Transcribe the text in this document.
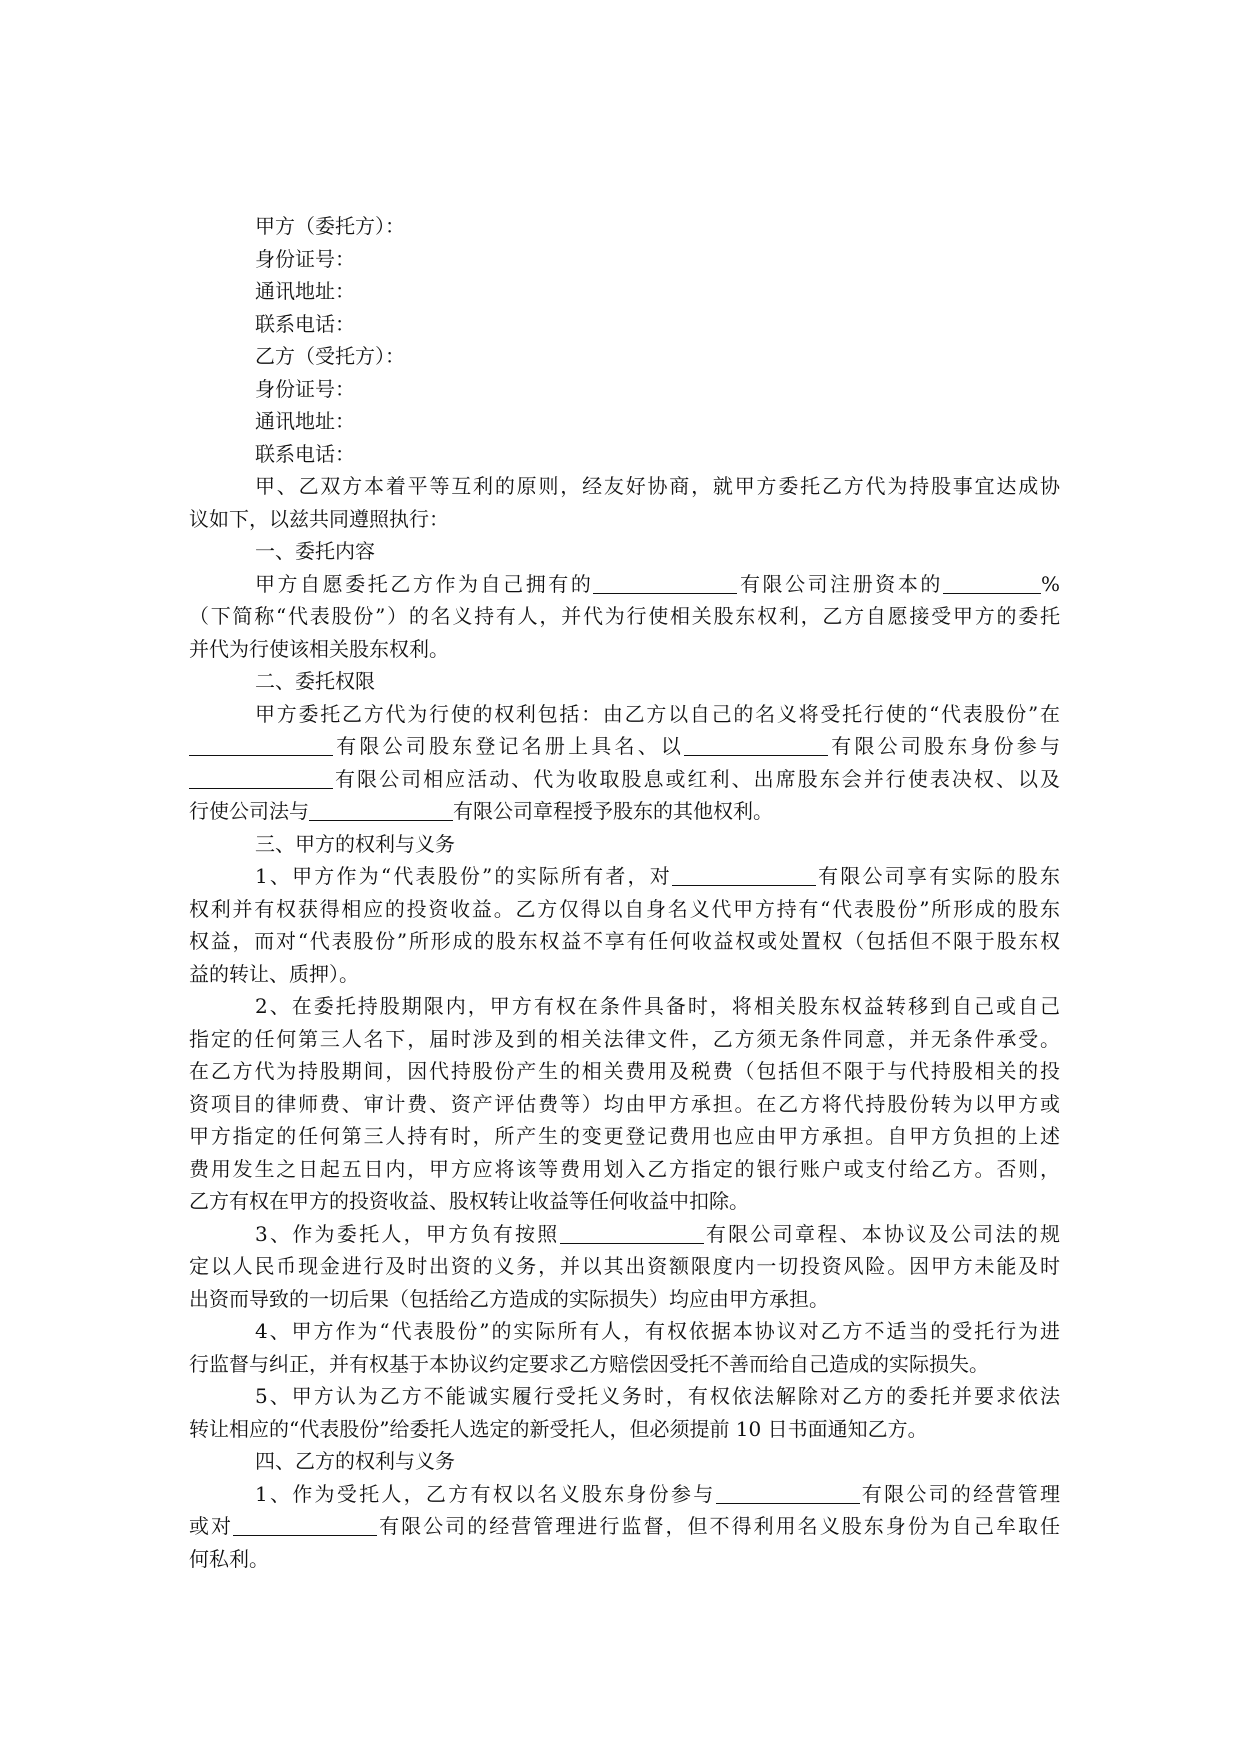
甲方（委托方）：
身份证号：
通讯地址：
联系电话：
乙方（受托方）：
身份证号：
通讯地址：
联系电话：
甲、乙双方本着平等互利的原则，经友好协商，就甲方委托乙方代为持股事宜达成协
议如下，以兹共同遵照执行：
一、委托内容
甲方自愿委托乙方作为自己拥有的	有限公司注册资本的	%
（下简称“代表股份”）的名义持有人，并代为行使相关股东权利，乙方自愿接受甲方的委托
并代为行使该相关股东权利。
二、委托权限
甲方委托乙方代为行使的权利包括：由乙方以自己的名义将受托行使的“代表股份”在
有限公司股东登记名册上具名、以	有限公司股东身份参与
有限公司相应活动、代为收取股息或红利、出席股东会并行使表决权、以及
行使公司法与	有限公司章程授予股东的其他权利。
三、甲方的权利与义务
1、甲方作为“代表股份”的实际所有者，对	有限公司享有实际的股东
权利并有权获得相应的投资收益。乙方仅得以自身名义代甲方持有“代表股份”所形成的股东
权益，而对“代表股份”所形成的股东权益不享有任何收益权或处置权（包括但不限于股东权
益的转让、质押）。
2、在委托持股期限内，甲方有权在条件具备时，将相关股东权益转移到自己或自己
指定的任何第三人名下，届时涉及到的相关法律文件，乙方须无条件同意，并无条件承受。
在乙方代为持股期间，因代持股份产生的相关费用及税费（包括但不限于与代持股相关的投
资项目的律师费、审计费、资产评估费等）均由甲方承担。在乙方将代持股份转为以甲方或
甲方指定的任何第三人持有时，所产生的变更登记费用也应由甲方承担。自甲方负担的上述
费用发生之日起五日内，甲方应将该等费用划入乙方指定的银行账户或支付给乙方。否则，
乙方有权在甲方的投资收益、股权转让收益等任何收益中扣除。
3、作为委托人，甲方负有按照	有限公司章程、本协议及公司法的规
定以人民币现金进行及时出资的义务，并以其出资额限度内一切投资风险。因甲方未能及时
出资而导致的一切后果（包括给乙方造成的实际损失）均应由甲方承担。
4、甲方作为“代表股份”的实际所有人，有权依据本协议对乙方不适当的受托行为进
行监督与纠正，并有权基于本协议约定要求乙方赔偿因受托不善而给自己造成的实际损失。
5、甲方认为乙方不能诚实履行受托义务时，有权依法解除对乙方的委托并要求依法
转让相应的“代表股份”给委托人选定的新受托人，但必须提前 10 日书面通知乙方。
四、乙方的权利与义务
1、作为受托人，乙方有权以名义股东身份参与	有限公司的经营管理
或对	有限公司的经营管理进行监督，但不得利用名义股东身份为自己牟取任
何私利。
